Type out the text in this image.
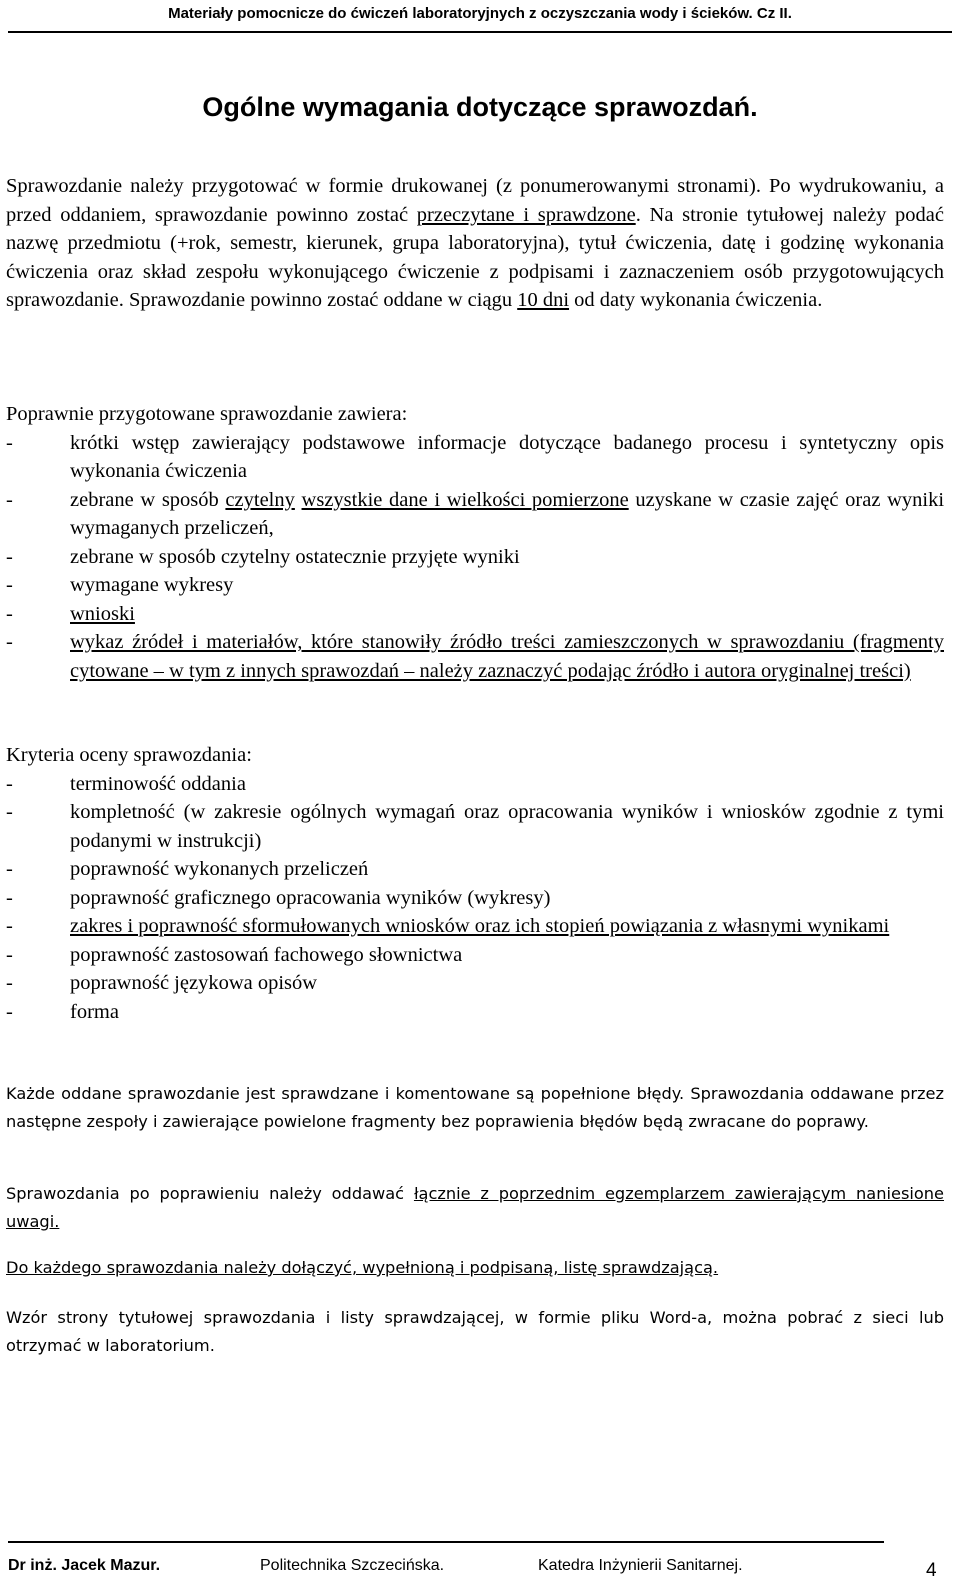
Materiały pomocnicze do ćwiczeń laboratoryjnych z oczyszczania wody i ścieków. Cz II.
Ogólne wymagania dotyczące sprawozdań.
Sprawozdanie należy przygotować w formie drukowanej (z ponumerowanymi stronami). Po wydrukowaniu, a przed oddaniem, sprawozdanie powinno zostać przeczytane i sprawdzone. Na stronie tytułowej należy podać nazwę przedmiotu (+rok, semestr, kierunek, grupa laboratoryjna), tytuł ćwiczenia, datę i godzinę wykonania ćwiczenia oraz skład zespołu wykonującego ćwiczenie z podpisami i zaznaczeniem osób przygotowujących sprawozdanie. Sprawozdanie powinno zostać oddane w ciągu 10 dni od daty wykonania ćwiczenia.
Poprawnie przygotowane sprawozdanie zawiera:
-	krótki wstęp zawierający podstawowe informacje dotyczące badanego procesu i syntetyczny opis wykonania ćwiczenia
-	zebrane w sposób czytelny wszystkie dane i wielkości pomierzone uzyskane w czasie zajęć oraz wyniki wymaganych przeliczeń,
-	zebrane w sposób czytelny ostatecznie przyjęte wyniki
-	wymagane wykresy
-	wnioski
-	wykaz źródeł i materiałów, które stanowiły źródło treści zamieszczonych w sprawozdaniu (fragmenty cytowane – w tym z innych sprawozdań – należy zaznaczyć podając źródło i autora oryginalnej treści)
Kryteria oceny sprawozdania:
-	terminowość oddania
-	kompletność (w zakresie ogólnych wymagań oraz opracowania wyników i wniosków zgodnie z tymi podanymi w instrukcji)
-	poprawność wykonanych przeliczeń
-	poprawność graficznego opracowania wyników (wykresy)
-	zakres i poprawność sformułowanych wniosków oraz ich stopień powiązania z własnymi wynikami
-	poprawność zastosowań fachowego słownictwa
-	poprawność językowa opisów
-	forma
Każde oddane sprawozdanie jest sprawdzane i komentowane są popełnione błędy. Sprawozdania oddawane przez następne zespoły i zawierające powielone fragmenty bez poprawienia błędów będą zwracane do poprawy.
Sprawozdania po poprawieniu należy oddawać łącznie z poprzednim egzemplarzem zawierającym naniesione uwagi.
Do każdego sprawozdania należy dołączyć, wypełnioną i podpisaną, listę sprawdzającą.
Wzór strony tytułowej sprawozdania i listy sprawdzającej, w formie pliku Word-a, można pobrać z sieci lub otrzymać w laboratorium.
Dr inż. Jacek Mazur.	Politechnika Szczecińska.	Katedra Inżynierii Sanitarnej.	4
